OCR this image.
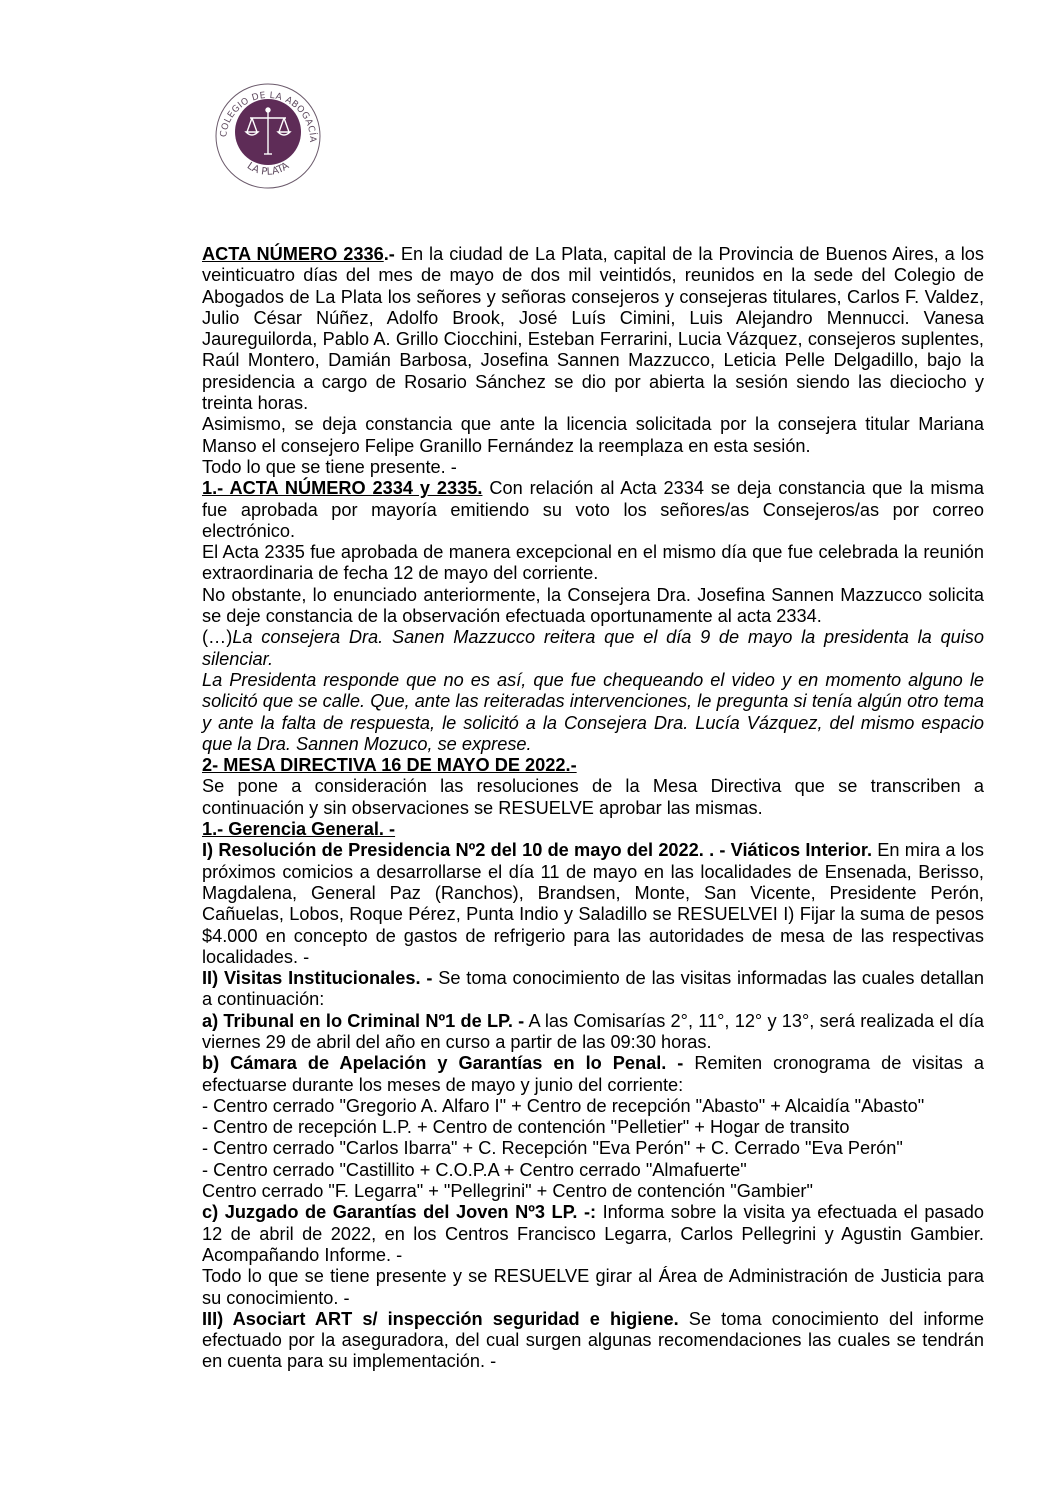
COLEGIO DE LA ABOGACÍA
LA PLATA

ACTA NÚMERO 2336.- En la ciudad de La Plata, capital de la Provincia de Buenos Aires, a los veinticuatro días del mes de mayo de dos mil veintidós, reunidos en la sede del Colegio de Abogados de La Plata los señores y señoras consejeros y consejeras titulares, Carlos F. Valdez, Julio César Núñez, Adolfo Brook, José Luís Cimini, Luis Alejandro Mennucci. Vanesa Jaureguilorda, Pablo A. Grillo Ciocchini, Esteban Ferrarini, Lucia Vázquez, consejeros suplentes, Raúl Montero, Damián Barbosa, Josefina Sannen Mazzucco, Leticia Pelle Delgadillo, bajo la presidencia a cargo de Rosario Sánchez se dio por abierta la sesión siendo las dieciocho y treinta horas.

Asimismo, se deja constancia que ante la licencia solicitada por la consejera titular Mariana Manso el consejero Felipe Granillo Fernández la reemplaza en esta sesión.

Todo lo que se tiene presente. -

1.- ACTA NÚMERO 2334 y 2335. Con relación al Acta 2334 se deja constancia que la misma fue aprobada por mayoría emitiendo su voto los señores/as Consejeros/as por correo electrónico.

El Acta 2335 fue aprobada de manera excepcional en el mismo día que fue celebrada la reunión extraordinaria de fecha 12 de mayo del corriente.

No obstante, lo enunciado anteriormente, la Consejera Dra. Josefina Sannen Mazzucco solicita se deje constancia de la observación efectuada oportunamente al acta 2334.

(…)La consejera Dra. Sanen Mazzucco reitera que el día 9 de mayo la presidenta la quiso silenciar.

La Presidenta responde que no es así, que fue chequeando el video y en momento alguno le solicitó que se calle. Que, ante las reiteradas intervenciones, le pregunta si tenía algún otro tema y ante la falta de respuesta, le solicitó a la Consejera Dra. Lucía Vázquez, del mismo espacio que la Dra. Sannen Mozuco, se exprese.

2- MESA DIRECTIVA 16 DE MAYO DE 2022.-

Se pone a consideración las resoluciones de la Mesa Directiva que se transcriben a continuación y sin observaciones se RESUELVE aprobar las mismas.

1.- Gerencia General. -

I) Resolución de Presidencia Nº2 del 10 de mayo del 2022. . - Viáticos Interior. En mira a los próximos comicios a desarrollarse el día 11 de mayo en las localidades de Ensenada, Berisso, Magdalena, General Paz (Ranchos), Brandsen, Monte, San Vicente, Presidente Perón, Cañuelas, Lobos, Roque Pérez, Punta Indio y Saladillo se RESUELVEI I) Fijar la suma de pesos $4.000 en concepto de gastos de refrigerio para las autoridades de mesa de las respectivas localidades. -

II) Visitas Institucionales. - Se toma conocimiento de las visitas informadas las cuales detallan a continuación:

a) Tribunal en lo Criminal Nº1 de LP. - A las Comisarías 2°, 11°, 12° y 13°, será realizada el día viernes 29 de abril del año en curso a partir de las 09:30 horas.

b) Cámara de Apelación y Garantías en lo Penal. - Remiten cronograma de visitas a efectuarse durante los meses de mayo y junio del corriente:

- Centro cerrado "Gregorio A. Alfaro I" + Centro de recepción "Abasto" + Alcaidía "Abasto"

- Centro de recepción L.P. + Centro de contención "Pelletier" + Hogar de transito

- Centro cerrado "Carlos Ibarra" + C. Recepción "Eva Perón" + C. Cerrado "Eva Perón"

- Centro cerrado "Castillito + C.O.P.A + Centro cerrado "Almafuerte"

Centro cerrado "F. Legarra" + "Pellegrini" + Centro de contención "Gambier"

c) Juzgado de Garantías del Joven Nº3 LP. -: Informa sobre la visita ya efectuada el pasado 12 de abril de 2022, en los Centros Francisco Legarra, Carlos Pellegrini y Agustin Gambier. Acompañando Informe. -

Todo lo que se tiene presente y se RESUELVE girar al Área de Administración de Justicia para su conocimiento. -

III) Asociart ART s/ inspección seguridad e higiene. Se toma conocimiento del informe efectuado por la aseguradora, del cual surgen algunas recomendaciones las cuales se tendrán en cuenta para su implementación. -
